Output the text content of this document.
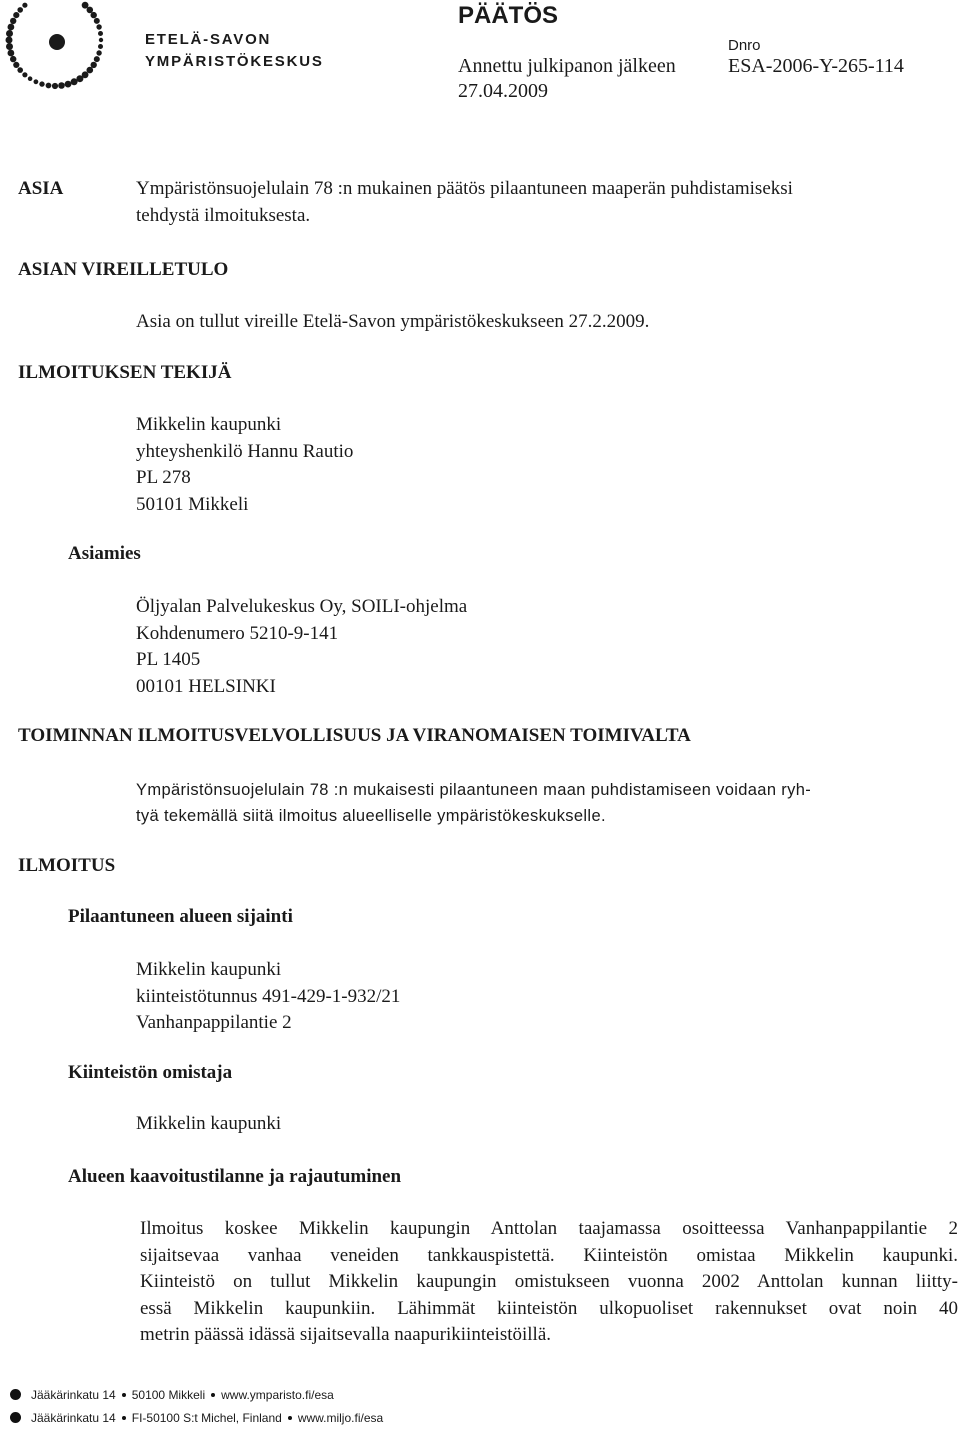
ETELÄ-SAVON
YMPÄRISTÖKESKUS
PÄÄTÖS
Annettu julkipanon jälkeen
27.04.2009
Dnro
ESA-2006-Y-265-114
ASIA	Ympäristönsuojelulain 78 :n mukainen päätös pilaantuneen maaperän puhdistamiseksi
tehdystä ilmoituksesta.
ASIAN VIREILLETULO
Asia on tullut vireille Etelä-Savon ympäristökeskukseen 27.2.2009.
ILMOITUKSEN TEKIJÄ
Mikkelin kaupunki
yhteyshenkilö Hannu Rautio
PL 278
50101 Mikkeli
Asiamies
Öljyalan Palvelukeskus Oy, SOILI-ohjelma
Kohdenumero 5210-9-141
PL 1405
00101 HELSINKI
TOIMINNAN ILMOITUSVELVOLLISUUS JA VIRANOMAISEN TOIMIVALTA
Ympäristönsuojelulain 78 :n mukaisesti pilaantuneen maan puhdistamiseen voidaan ryh-
tyä tekemällä siitä ilmoitus alueelliselle ympäristökeskukselle.
ILMOITUS
Pilaantuneen alueen sijainti
Mikkelin kaupunki
kiinteistötunnus 491-429-1-932/21
Vanhanpappilantie 2
Kiinteistön omistaja
Mikkelin kaupunki
Alueen kaavoitustilanne ja rajautuminen
Ilmoitus koskee Mikkelin kaupungin Anttolan taajamassa osoitteessa Vanhanpappilantie 2
sijaitsevaa vanhaa veneiden tankkauspistettä. Kiinteistön omistaa Mikkelin kaupunki.
Kiinteistö on tullut Mikkelin kaupungin omistukseen vuonna 2002 Anttolan kunnan liitty-
essä Mikkelin kaupunkiin. Lähimmät kiinteistön ulkopuoliset rakennukset ovat noin 40
metrin päässä idässä sijaitsevalla naapurikiinteistöillä.
Jääkärinkatu 14 50100 Mikkeli www.ymparisto.fi/esa
Jääkärinkatu 14 FI-50100 S:t Michel, Finland www.miljo.fi/esa
